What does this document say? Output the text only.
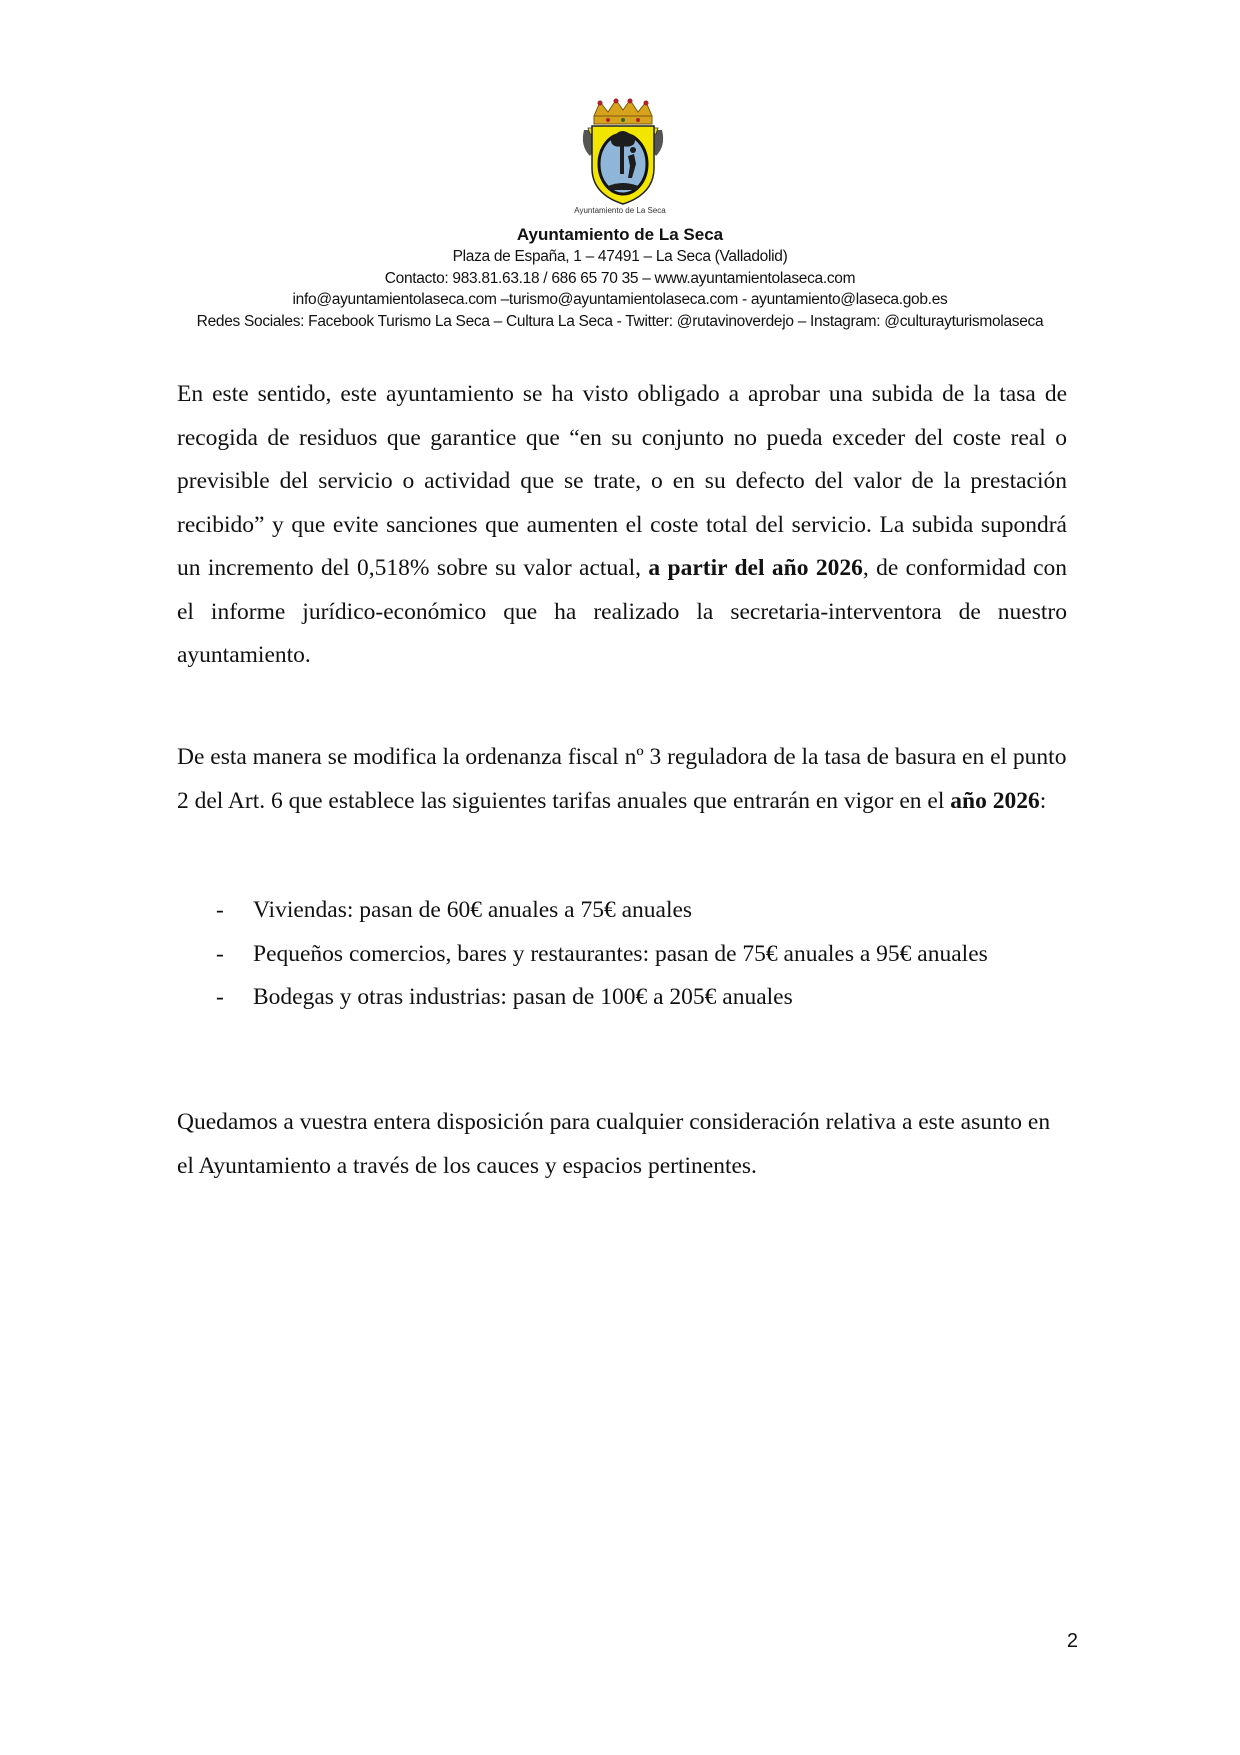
Ayuntamiento de La Seca
Ayuntamiento de La Seca
Plaza de España, 1 – 47491 – La Seca (Valladolid)
Contacto: 983.81.63.18 / 686 65 70 35 – www.ayuntamientolaseca.com
info@ayuntamientolaseca.com –turismo@ayuntamientolaseca.com - ayuntamiento@laseca.gob.es
Redes Sociales: Facebook Turismo La Seca – Cultura La Seca - Twitter: @rutavinoverdejo – Instagram: @culturayturismolaseca

En este sentido, este ayuntamiento se ha visto obligado a aprobar una subida de la tasa de recogida de residuos que garantice que “en su conjunto no pueda exceder del coste real o previsible del servicio o actividad que se trate, o en su defecto del valor de la prestación recibido” y que evite sanciones que aumenten el coste total del servicio. La subida supondrá un incremento del 0,518% sobre su valor actual, a partir del año 2026, de conformidad con el informe jurídico-económico que ha realizado la secretaria-interventora de nuestro ayuntamiento.

De esta manera se modifica la ordenanza fiscal nº 3 reguladora de la tasa de basura en el punto 2 del Art. 6 que establece las siguientes tarifas anuales que entrarán en vigor en el año 2026:

-	Viviendas: pasan de 60€ anuales a 75€ anuales
-	Pequeños comercios, bares y restaurantes: pasan de 75€ anuales a 95€ anuales
-	Bodegas y otras industrias: pasan de 100€ a 205€ anuales

Quedamos a vuestra entera disposición para cualquier consideración relativa a este asunto en el Ayuntamiento a través de los cauces y espacios pertinentes.

2
